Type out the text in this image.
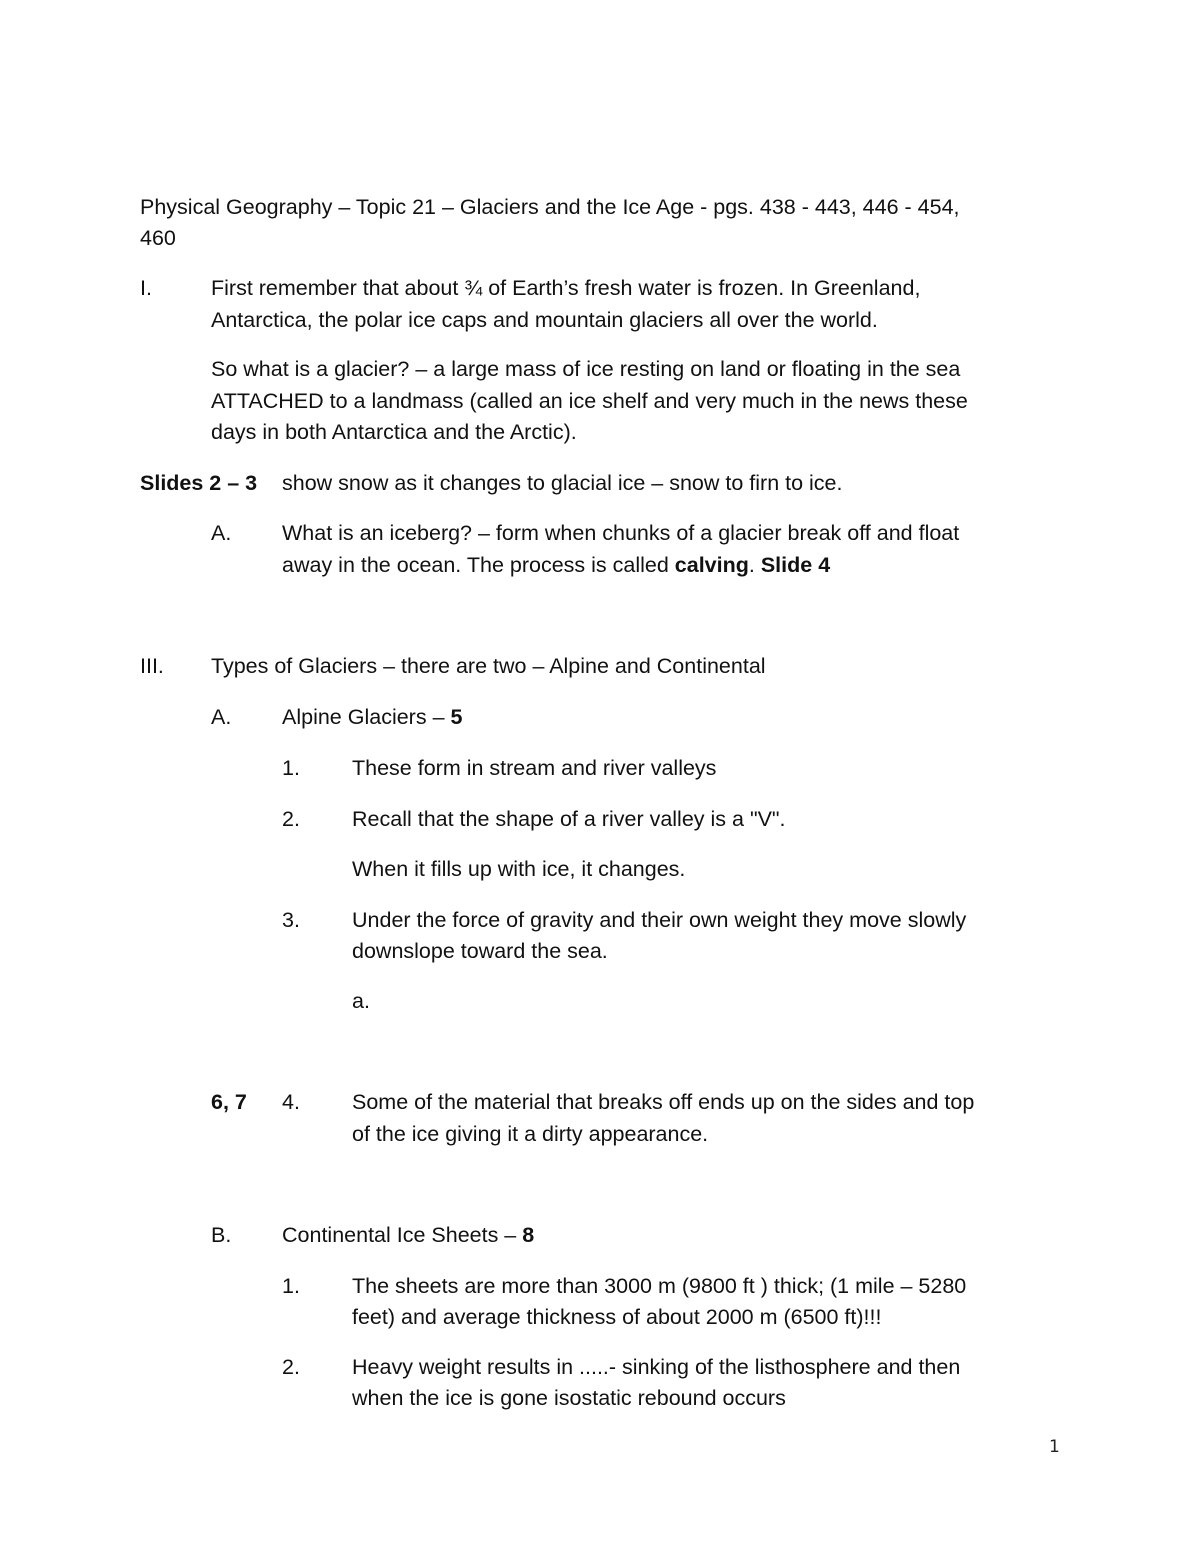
Physical Geography – Topic 21 – Glaciers and the Ice Age - pgs. 438 - 443, 446 - 454,

460

I.	First remember that about ¾ of Earth’s fresh water is frozen. In Greenland,

Antarctica, the polar ice caps and mountain glaciers all over the world.

So what is a glacier? – a large mass of ice resting on land or floating in the sea

ATTACHED to a landmass (called an ice shelf and very much in the news these

days in both Antarctica and the Arctic).

Slides 2 – 3 show snow as it changes to glacial ice – snow to firn to ice.

A. What is an iceberg? – form when chunks of a glacier break off and float

away in the ocean. The process is called calving. Slide 4

III. Types of Glaciers – there are two – Alpine and Continental

A. Alpine Glaciers – 5

1. These form in stream and river valleys

2. Recall that the shape of a river valley is a "V".

When it fills up with ice, it changes.

3. Under the force of gravity and their own weight they move slowly

downslope toward the sea.

a.

6, 7 4. Some of the material that breaks off ends up on the sides and top

of the ice giving it a dirty appearance.

B. Continental Ice Sheets – 8

1. The sheets are more than 3000 m (9800 ft ) thick; (1 mile – 5280

feet) and average thickness of about 2000 m (6500 ft)!!!

2. Heavy weight results in .....- sinking of the listhosphere and then

when the ice is gone isostatic rebound occurs

1
